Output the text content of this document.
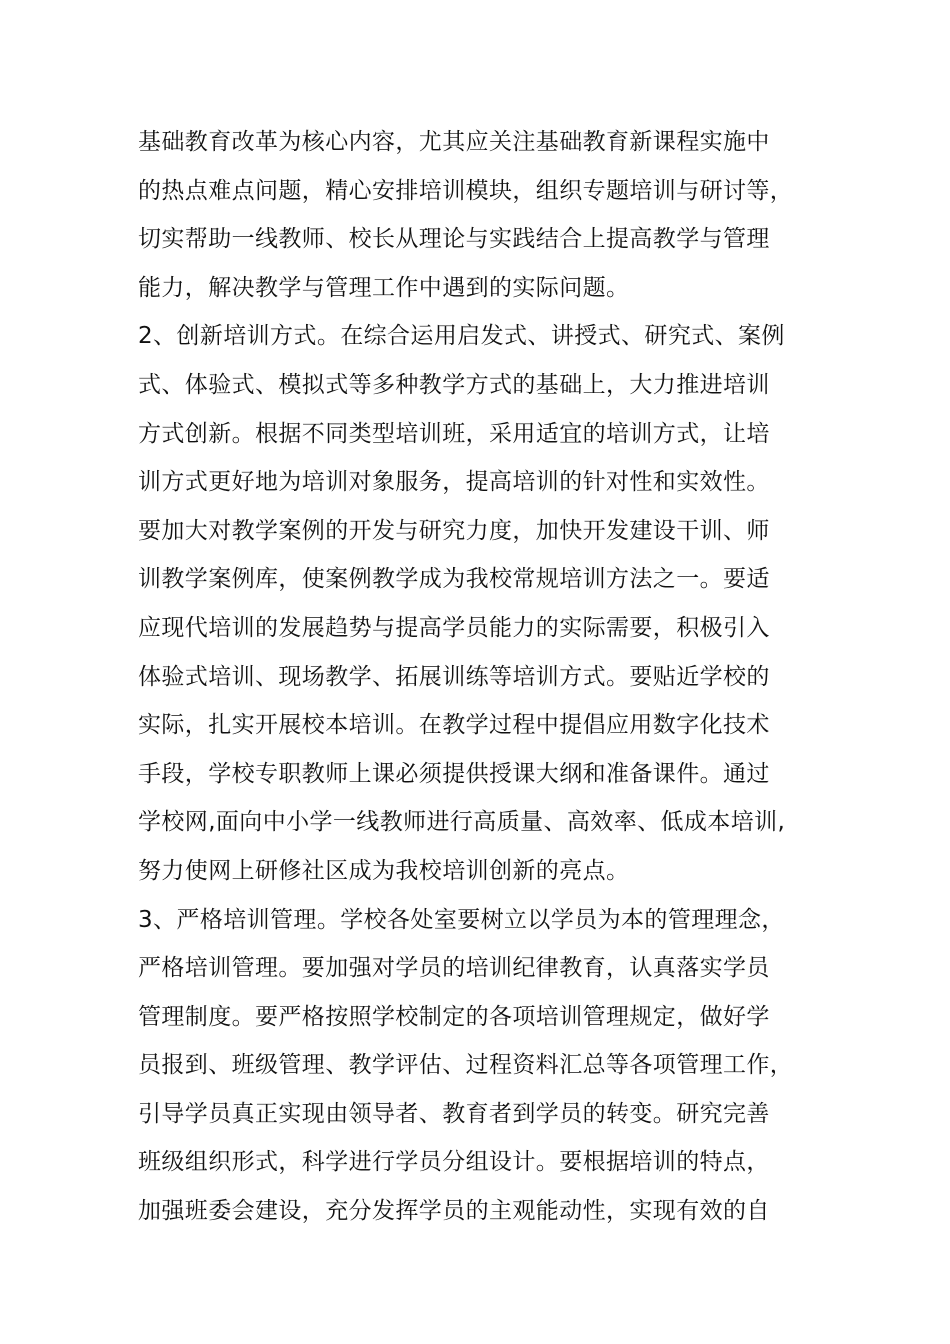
基础教育改革为核心内容，尤其应关注基础教育新课程实施中
的热点难点问题，精心安排培训模块，组织专题培训与研讨等，
切实帮助一线教师、校长从理论与实践结合上提高教学与管理
能力，解决教学与管理工作中遇到的实际问题。
2、创新培训方式。在综合运用启发式、讲授式、研究式、案例
式、体验式、模拟式等多种教学方式的基础上，大力推进培训
方式创新。根据不同类型培训班，采用适宜的培训方式，让培
训方式更好地为培训对象服务，提高培训的针对性和实效性。
要加大对教学案例的开发与研究力度，加快开发建设干训、师
训教学案例库，使案例教学成为我校常规培训方法之一。要适
应现代培训的发展趋势与提高学员能力的实际需要，积极引入
体验式培训、现场教学、拓展训练等培训方式。要贴近学校的
实际，扎实开展校本培训。在教学过程中提倡应用数字化技术
手段，学校专职教师上课必须提供授课大纲和准备课件。通过
学校网,面向中小学一线教师进行高质量、高效率、低成本培训,
努力使网上研修社区成为我校培训创新的亮点。
3、严格培训管理。学校各处室要树立以学员为本的管理理念，
严格培训管理。要加强对学员的培训纪律教育，认真落实学员
管理制度。要严格按照学校制定的各项培训管理规定，做好学
员报到、班级管理、教学评估、过程资料汇总等各项管理工作，
引导学员真正实现由领导者、教育者到学员的转变。研究完善
班级组织形式，科学进行学员分组设计。要根据培训的特点，
加强班委会建设，充分发挥学员的主观能动性，实现有效的自
